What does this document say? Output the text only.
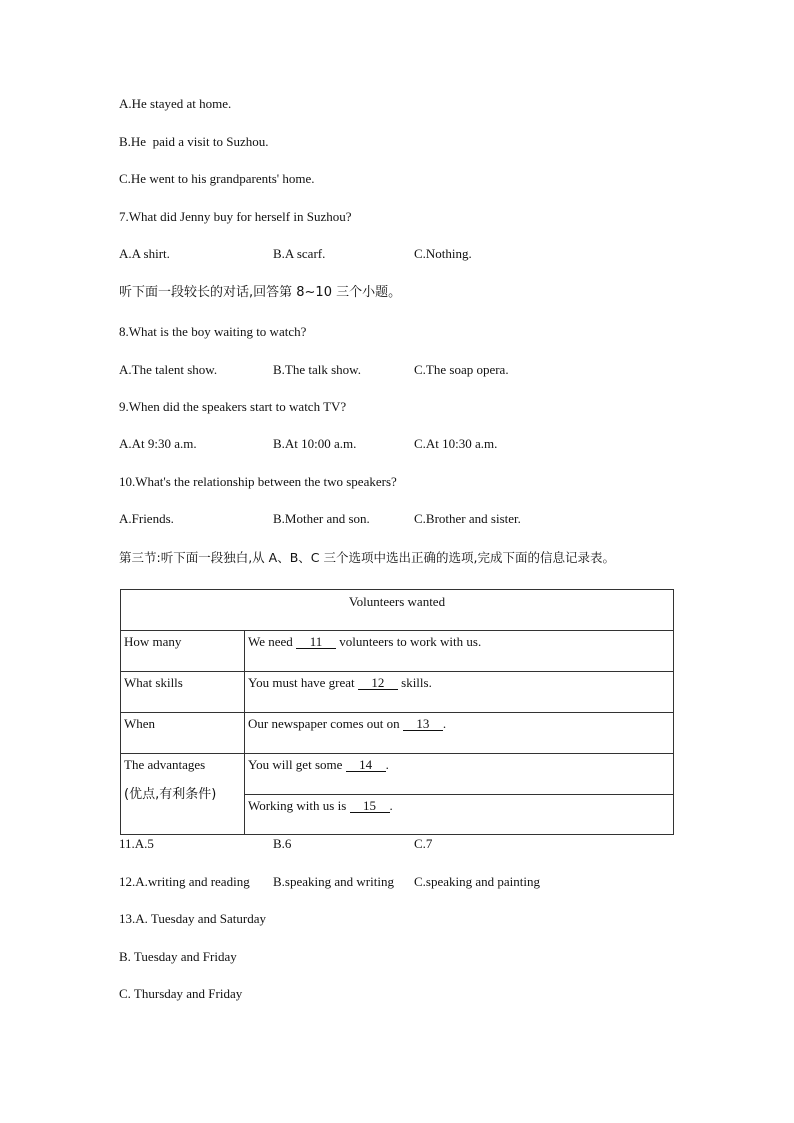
A.He stayed at home.
B.He  paid a visit to Suzhou.
C.He went to his grandparents' home.
7.What did Jenny buy for herself in Suzhou?
A.A shirt.	B.A scarf.	C.Nothing.
听下面一段较长的对话,回答第 8~10 三个小题。
8.What is the boy waiting to watch?
A.The talent show.	B.The talk show.	C.The soap opera.
9.When did the speakers start to watch TV?
A.At 9:30 a.m.	B.At 10:00 a.m.	C.At 10:30 a.m.
10.What's the relationship between the two speakers?
A.Friends.	B.Mother and son.	C.Brother and sister.
第三节:听下面一段独白,从 A、B、C 三个选项中选出正确的选项,完成下面的信息记录表。
Volunteers wanted	
How many	We need 11 volunteers to work with us.
What skills	You must have great 12 skills.
When	Our newspaper comes out on 13 .
The advantages
(优点,有利条件)	You will get some 14 .
	Working with us is 15 .
11.A.5	B.6	C.7
12.A.writing and reading B.speaking and writing C.speaking and painting
13.A. Tuesday and Saturday
B. Tuesday and Friday
C. Thursday and Friday
